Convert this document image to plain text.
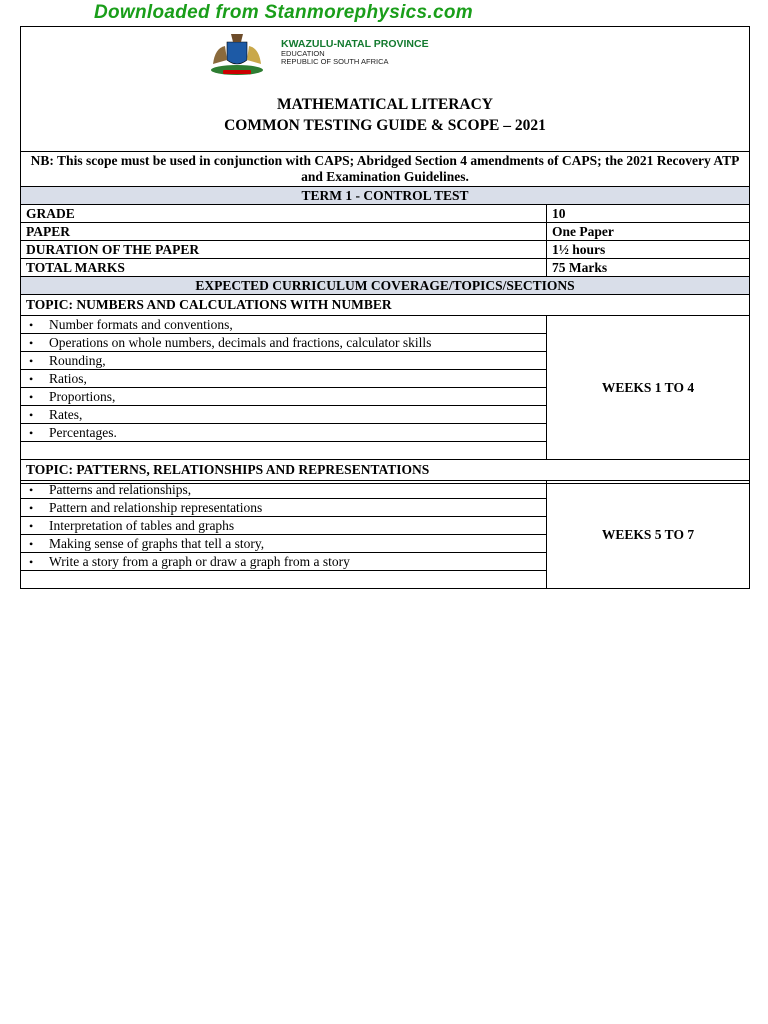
Downloaded from Stanmorephysics.com
KWAZULU-NATAL PROVINCE
EDUCATION
REPUBLIC OF SOUTH AFRICA
MATHEMATICAL LITERACY
COMMON TESTING GUIDE & SCOPE – 2021
NB: This scope must be used in conjunction with CAPS; Abridged Section 4 amendments of CAPS; the 2021 Recovery ATP and Examination Guidelines.	
TERM 1 - CONTROL TEST	
GRADE	10
PAPER	One Paper
DURATION OF THE PAPER	1½ hours
TOTAL MARKS	75 Marks
EXPECTED CURRICULUM COVERAGE/TOPICS/SECTIONS	
TOPIC: NUMBERS AND CALCULATIONS WITH NUMBER	
• Number formats and conventions,	WEEKS 1 TO 4
• Operations on whole numbers, decimals and fractions, calculator skills
• Rounding,
• Ratios,
• Proportions,
• Rates,
• Percentages.

TOPIC: PATTERNS, RELATIONSHIPS AND REPRESENTATIONS	
• Patterns and relationships,	WEEKS 5 TO 7
• Pattern and relationship representations
• Interpretation of tables and graphs
• Making sense of graphs that tell a story,
• Write a story from a graph or draw a graph from a story
